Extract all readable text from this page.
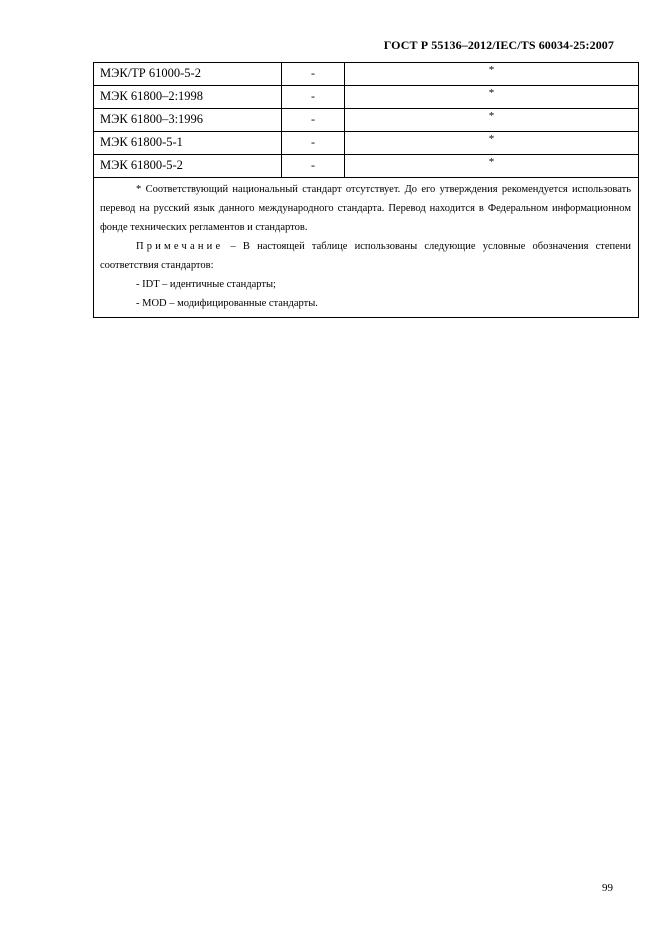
ГОСТ Р 55136–2012/IEC/TS 60034-25:2007
МЭК/ТР 61000-5-2	-	*
МЭК 61800–2:1998	-	*
МЭК 61800–3:1996	-	*
МЭК 61800-5-1	-	*
МЭК 61800-5-2	-	*

* Соответствующий национальный стандарт отсутствует. До его утверждения рекомендуется использовать перевод на русский язык данного международного стандарта. Перевод находится в Федеральном информационном фонде технических регламентов и стандартов.

Примечание – В настоящей таблице использованы следующие условные обозначения степени соответствия стандартов:

- IDT – идентичные стандарты;

- MOD – модифицированные стандарты.		

99
